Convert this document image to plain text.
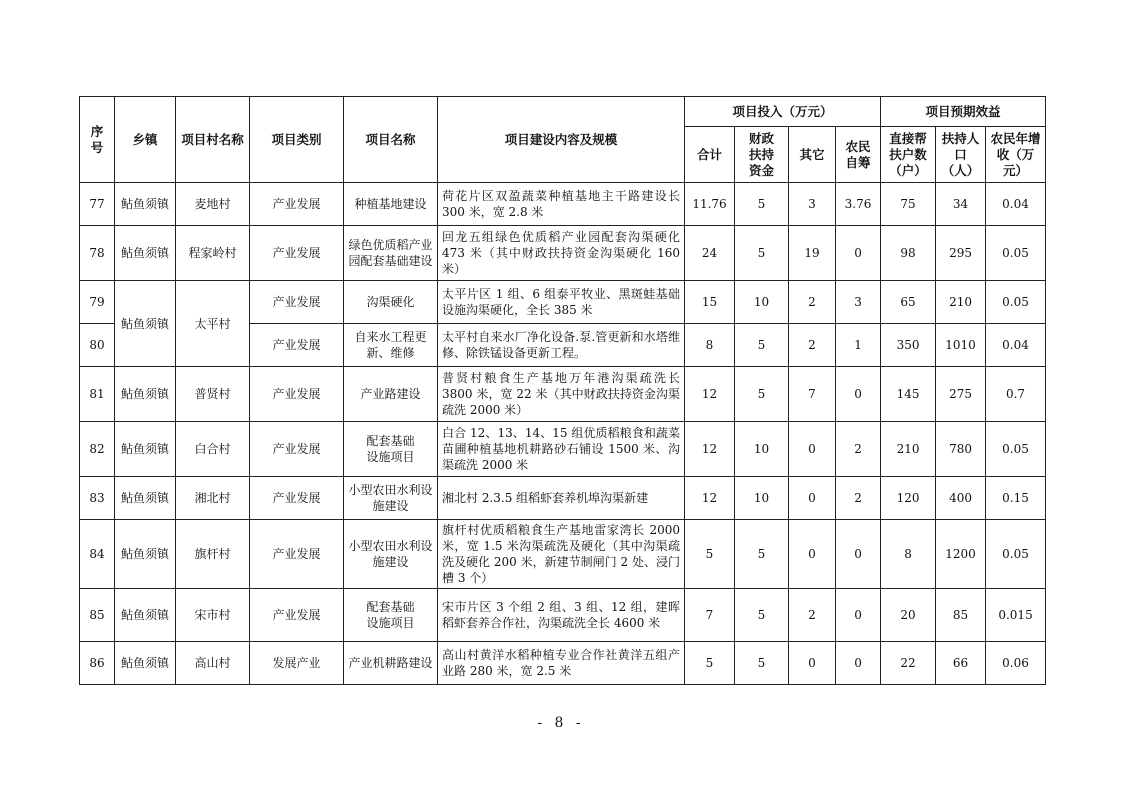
序号	乡镇	项目村名称	项目类别	项目名称	项目建设内容及规模	项目投入（万元）				项目预期效益		
						合计	财政扶持资金	其它	农民自筹	直接帮扶户数（户）	扶持人口（人）	农民年增收（万元）
77	鲇鱼须镇	麦地村	产业发展	种植基地建设	荷花片区双盈蔬菜种植基地主干路建设长 300 米，宽 2.8 米	11.76	5	3	3.76	75	34	0.04
78	鲇鱼须镇	程家岭村	产业发展	绿色优质稻产业园配套基础建设	回龙五组绿色优质稻产业园配套沟渠硬化 473 米（其中财政扶持资金沟渠硬化 160 米）	24	5	19	0	98	295	0.05
79	鲇鱼须镇	太平村	产业发展	沟渠硬化	太平片区 1 组、6 组泰平牧业、黑斑蛙基础设施沟渠硬化，全长 385 米	15	10	2	3	65	210	0.05
80			产业发展	自来水工程更新、维修	太平村自来水厂净化设备.泵.管更新和水塔维修、除铁锰设备更新工程。	8	5	2	1	350	1010	0.04
81	鲇鱼须镇	普贤村	产业发展	产业路建设	普贤村粮食生产基地万年港沟渠疏洗长 3800 米，宽 22 米（其中财政扶持资金沟渠疏洗 2000 米）	12	5	7	0	145	275	0.7
82	鲇鱼须镇	白合村	产业发展	配套基础设施项目	白合 12、13、14、15 组优质稻粮食和蔬菜苗圃种植基地机耕路砂石铺设 1500 米、沟渠疏洗 2000 米	12	10	0	2	210	780	0.05
83	鲇鱼须镇	湘北村	产业发展	小型农田水利设施建设	湘北村 2.3.5 组稻虾套养机埠沟渠新建	12	10	0	2	120	400	0.15
84	鲇鱼须镇	旗杆村	产业发展	小型农田水利设施建设	旗杆村优质稻粮食生产基地雷家湾长 2000 米，宽 1.5 米沟渠疏洗及硬化（其中沟渠疏洗及硬化 200 米，新建节制闸门 2 处、浸门槽 3 个）	5	5	0	0	8	1200	0.05
85	鲇鱼须镇	宋市村	产业发展	配套基础设施项目	宋市片区 3 个组 2 组、3 组、12 组，建晖稻虾套养合作社，沟渠疏洗全长 4600 米	7	5	2	0	20	85	0.015
86	鲇鱼须镇	高山村	发展产业	产业机耕路建设	高山村黄洋水稻种植专业合作社黄洋五组产业路 280 米，宽 2.5 米	5	5	0	0	22	66	0.06
- 8 -
